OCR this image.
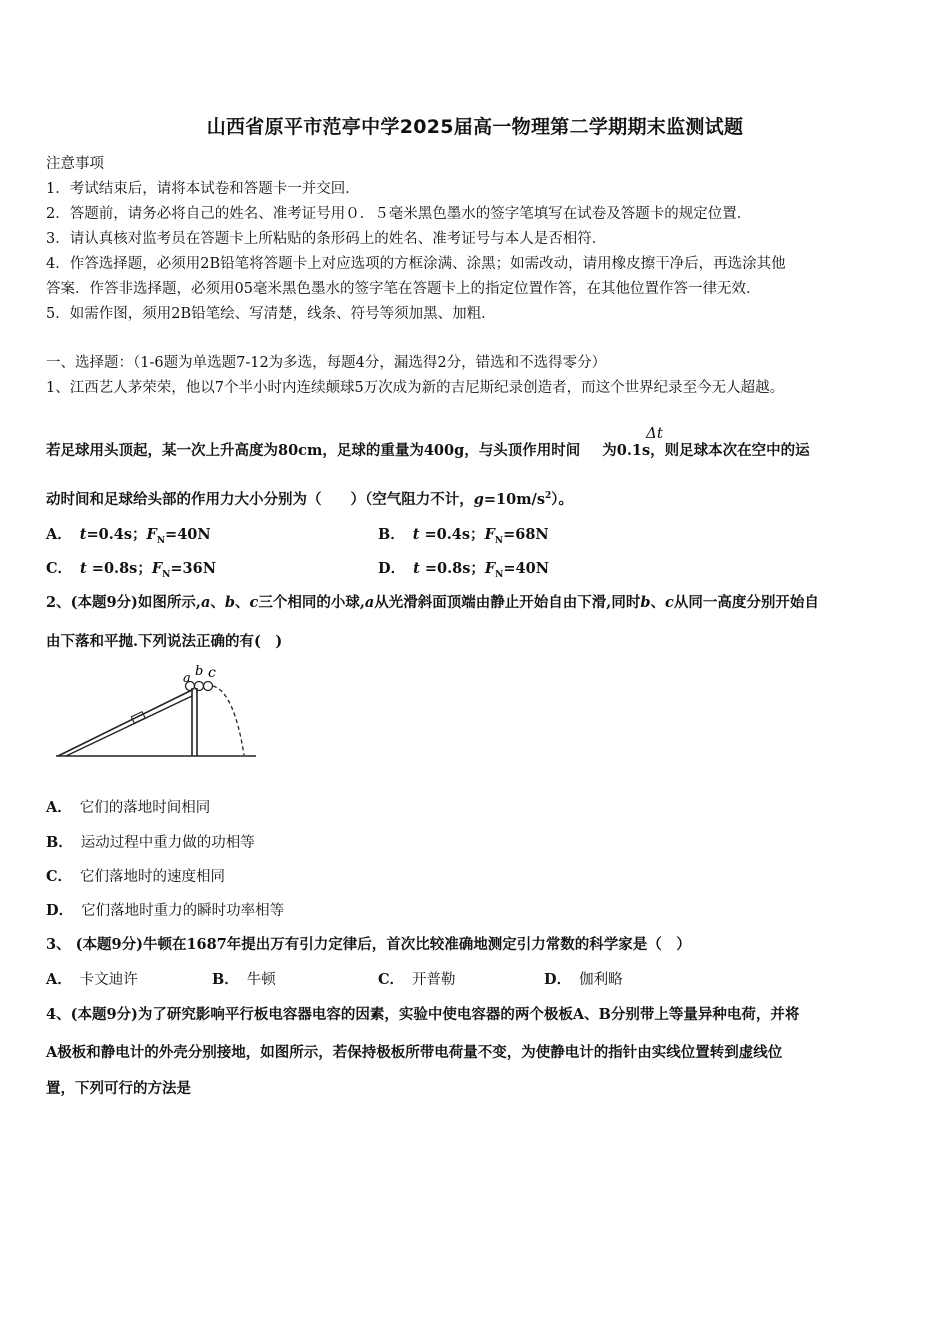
山西省原平市范亭中学2025届高一物理第二学期期末监测试题
注意事项
1．考试结束后，请将本试卷和答题卡一并交回．
2．答题前，请务必将自己的姓名、准考证号用０．５毫米黑色墨水的签字笔填写在试卷及答题卡的规定位置．
3．请认真核对监考员在答题卡上所粘贴的条形码上的姓名、准考证号与本人是否相符．
4．作答选择题，必须用2B铅笔将答题卡上对应选项的方框涂满、涂黑；如需改动，请用橡皮擦干净后，再选涂其他
答案．作答非选择题，必须用05毫米黑色墨水的签字笔在答题卡上的指定位置作答，在其他位置作答一律无效．
5．如需作图，须用2B铅笔绘、写清楚，线条、符号等须加黑、加粗．
一、选择题：（1-6题为单选题7-12为多选，每题4分，漏选得2分，错选和不选得零分）
1、江西艺人茅荣荣，他以7个半小时内连续颠球5万次成为新的吉尼斯纪录创造者，而这个世界纪录至今无人超越。
Δt
若足球用头顶起，某一次上升高度为80cm，足球的重量为400g，与头顶作用时间 为0.1s，则足球本次在空中的运
动时间和足球给头部的作用力大小分别为（　　）（空气阻力不计，$g=10m/s^2$）。
A． t=0.4s；$F_N=40N$	B． t =0.4s；$F_N=68N$
C． t =0.8s；$F_N=36N$	D． t =0.8s；$F_N=40N$
2、(本题9分)如图所示,a、b、c三个相同的小球,a从光滑斜面顶端由静止开始自由下滑,同时b、c从同一高度分别开始自
由下落和平抛.下列说法正确的有(　)
a b c
A． 它们的落地时间相同
B． 运动过程中重力做的功相等
C． 它们落地时的速度相同
D． 它们落地时重力的瞬时功率相等
3、 (本题9分)牛顿在1687年提出万有引力定律后，首次比较准确地测定引力常数的科学家是（　）
A． 卡文迪许	B． 牛顿	C． 开普勒	D． 伽利略
4、(本题9分)为了研究影响平行板电容器电容的因素，实验中使电容器的两个极板A、B分别带上等量异种电荷，并将
A极板和静电计的外壳分别接地，如图所示，若保持极板所带电荷量不变，为使静电计的指针由实线位置转到虚线位
置，下列可行的方法是
